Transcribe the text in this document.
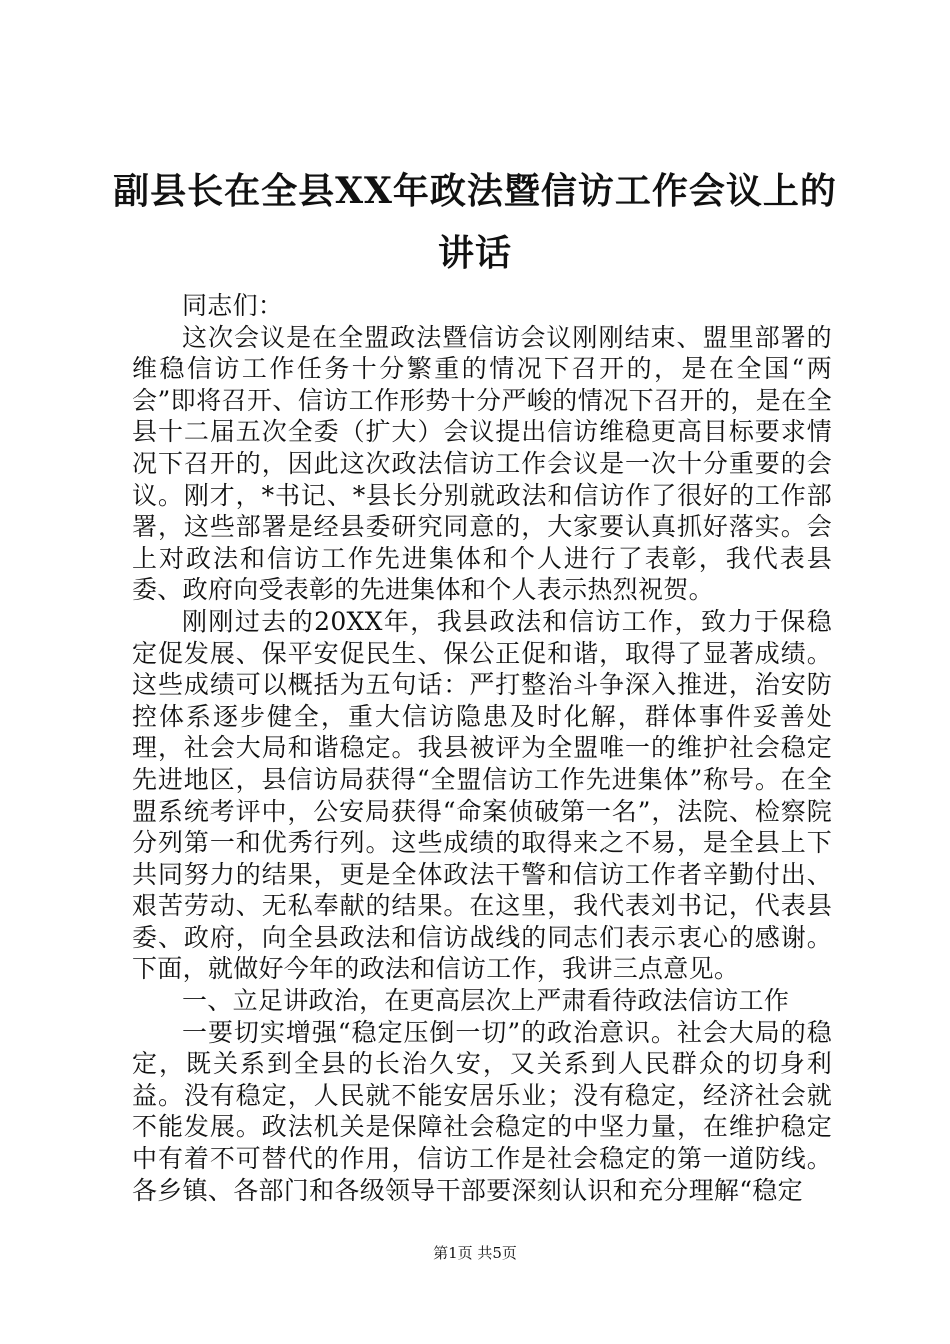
副县长在全县XX年政法暨信访工作会议上的讲话

同志们：

这次会议是在全盟政法暨信访会议刚刚结束、盟里部署的维稳信访工作任务十分繁重的情况下召开的，是在全国“两会”即将召开、信访工作形势十分严峻的情况下召开的，是在全县十二届五次全委（扩大）会议提出信访维稳更高目标要求情况下召开的，因此这次政法信访工作会议是一次十分重要的会议。刚才，*书记、*县长分别就政法和信访作了很好的工作部署，这些部署是经县委研究同意的，大家要认真抓好落实。会上对政法和信访工作先进集体和个人进行了表彰，我代表县委、政府向受表彰的先进集体和个人表示热烈祝贺。

刚刚过去的20XX年，我县政法和信访工作，致力于保稳定促发展、保平安促民生、保公正促和谐，取得了显著成绩。这些成绩可以概括为五句话：严打整治斗争深入推进，治安防控体系逐步健全，重大信访隐患及时化解，群体事件妥善处理，社会大局和谐稳定。我县被评为全盟唯一的维护社会稳定先进地区，县信访局获得“全盟信访工作先进集体”称号。在全盟系统考评中，公安局获得“命案侦破第一名”，法院、检察院分列第一和优秀行列。这些成绩的取得来之不易，是全县上下共同努力的结果，更是全体政法干警和信访工作者辛勤付出、艰苦劳动、无私奉献的结果。在这里，我代表刘书记，代表县委、政府，向全县政法和信访战线的同志们表示衷心的感谢。下面，就做好今年的政法和信访工作，我讲三点意见。

一、立足讲政治，在更高层次上严肃看待政法信访工作

一要切实增强“稳定压倒一切”的政治意识。社会大局的稳定，既关系到全县的长治久安，又关系到人民群众的切身利益。没有稳定，人民就不能安居乐业；没有稳定，经济社会就不能发展。政法机关是保障社会稳定的中坚力量，在维护稳定中有着不可替代的作用，信访工作是社会稳定的第一道防线。各乡镇、各部门和各级领导干部要深刻认识和充分理解“稳定

第1页 共5页
